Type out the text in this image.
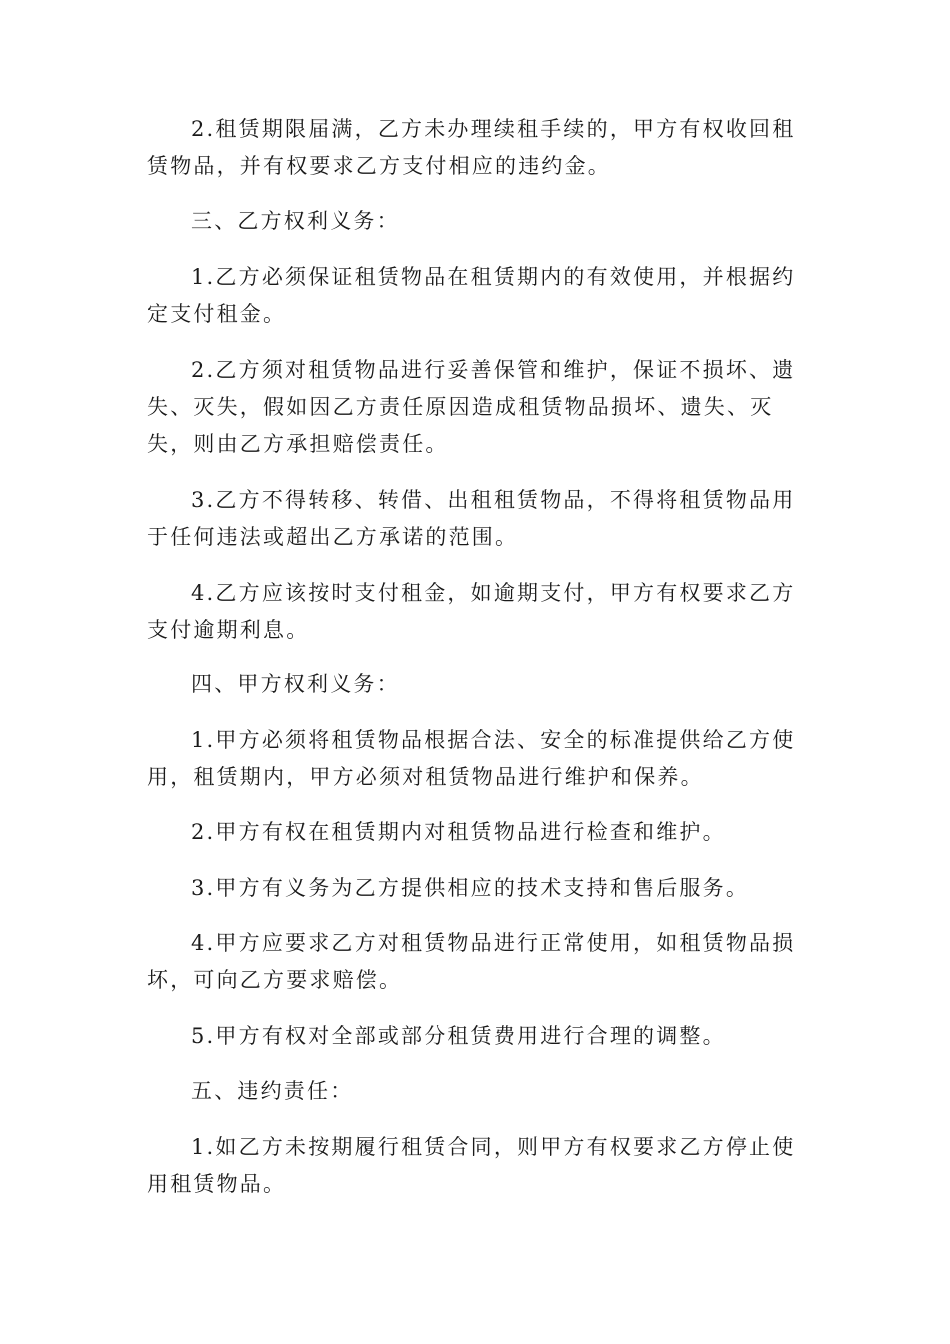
2.租赁期限届满，乙方未办理续租手续的，甲方有权收回租赁物品，并有权要求乙方支付相应的违约金。

三、乙方权利义务：

1.乙方必须保证租赁物品在租赁期内的有效使用，并根据约定支付租金。

2.乙方须对租赁物品进行妥善保管和维护，保证不损坏、遗失、灭失，假如因乙方责任原因造成租赁物品损坏、遗失、灭失，则由乙方承担赔偿责任。

3.乙方不得转移、转借、出租租赁物品，不得将租赁物品用于任何违法或超出乙方承诺的范围。

4.乙方应该按时支付租金，如逾期支付，甲方有权要求乙方支付逾期利息。

四、甲方权利义务：

1.甲方必须将租赁物品根据合法、安全的标准提供给乙方使用，租赁期内，甲方必须对租赁物品进行维护和保养。

2.甲方有权在租赁期内对租赁物品进行检查和维护。

3.甲方有义务为乙方提供相应的技术支持和售后服务。

4.甲方应要求乙方对租赁物品进行正常使用，如租赁物品损坏，可向乙方要求赔偿。

5.甲方有权对全部或部分租赁费用进行合理的调整。

五、违约责任：

1.如乙方未按期履行租赁合同，则甲方有权要求乙方停止使用租赁物品。
